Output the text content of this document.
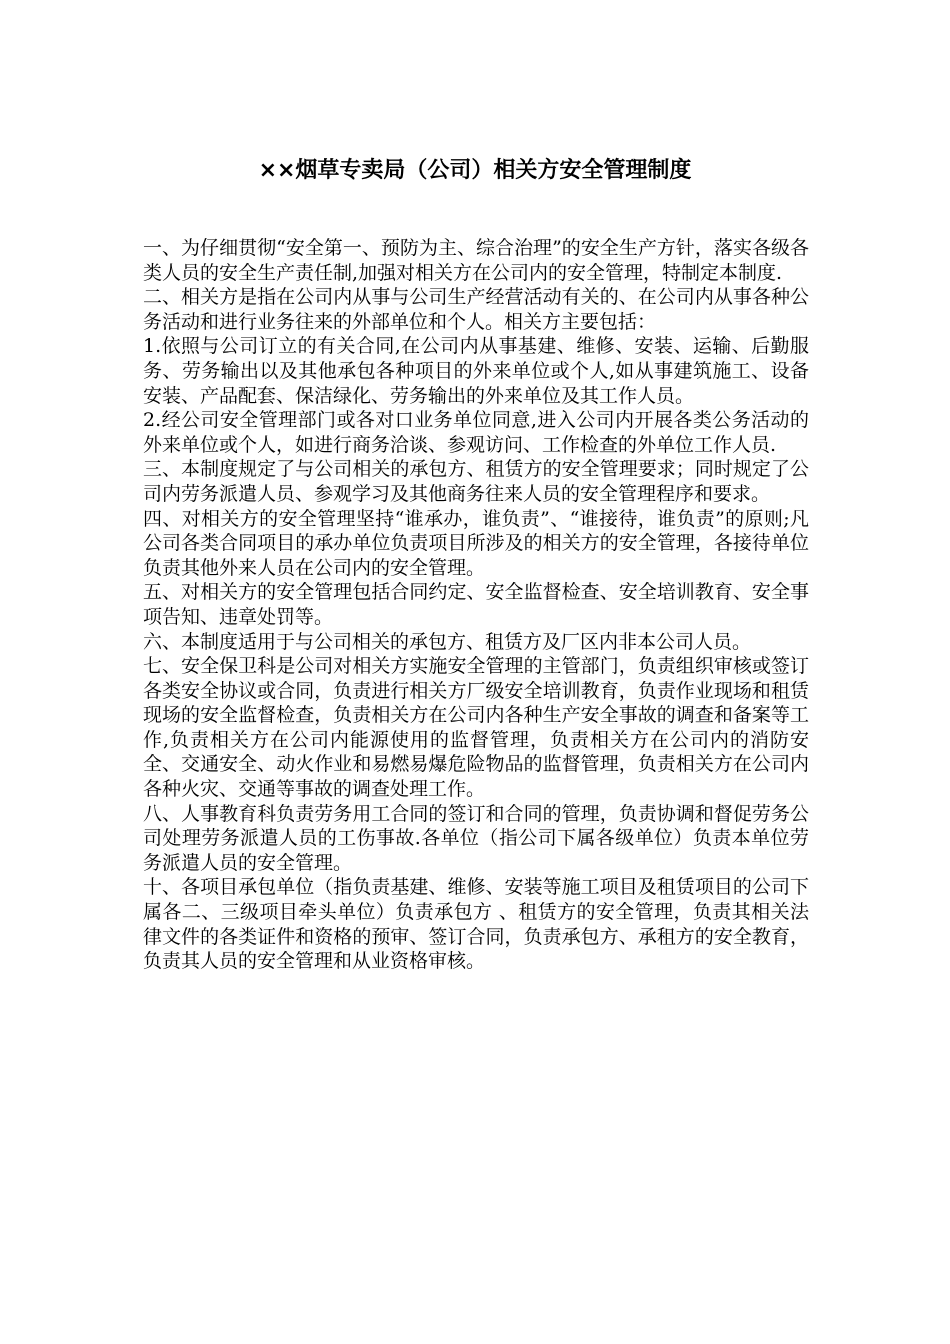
××烟草专卖局（公司）相关方安全管理制度

一、为仔细贯彻“安全第一、预防为主、综合治理”的安全生产方针，落实各级各类人员的安全生产责任制,加强对相关方在公司内的安全管理，特制定本制度.

二、相关方是指在公司内从事与公司生产经营活动有关的、在公司内从事各种公务活动和进行业务往来的外部单位和个人。相关方主要包括：

1.依照与公司订立的有关合同,在公司内从事基建、维修、安装、运输、后勤服务、劳务输出以及其他承包各种项目的外来单位或个人,如从事建筑施工、设备安装、产品配套、保洁绿化、劳务输出的外来单位及其工作人员。

2.经公司安全管理部门或各对口业务单位同意,进入公司内开展各类公务活动的外来单位或个人，如进行商务洽谈、参观访问、工作检查的外单位工作人员.

三、本制度规定了与公司相关的承包方、租赁方的安全管理要求；同时规定了公司内劳务派遣人员、参观学习及其他商务往来人员的安全管理程序和要求。

四、对相关方的安全管理坚持“谁承办，谁负责”、“谁接待，谁负责”的原则;凡公司各类合同项目的承办单位负责项目所涉及的相关方的安全管理，各接待单位负责其他外来人员在公司内的安全管理。

五、对相关方的安全管理包括合同约定、安全监督检查、安全培训教育、安全事项告知、违章处罚等。

六、本制度适用于与公司相关的承包方、租赁方及厂区内非本公司人员。

七、安全保卫科是公司对相关方实施安全管理的主管部门，负责组织审核或签订各类安全协议或合同，负责进行相关方厂级安全培训教育，负责作业现场和租赁现场的安全监督检查，负责相关方在公司内各种生产安全事故的调查和备案等工作,负责相关方在公司内能源使用的监督管理，负责相关方在公司内的消防安全、交通安全、动火作业和易燃易爆危险物品的监督管理，负责相关方在公司内各种火灾、交通等事故的调查处理工作。

八、人事教育科负责劳务用工合同的签订和合同的管理，负责协调和督促劳务公司处理劳务派遣人员的工伤事故.各单位（指公司下属各级单位）负责本单位劳务派遣人员的安全管理。

十、各项目承包单位（指负责基建、维修、安装等施工项目及租赁项目的公司下属各二、三级项目牵头单位）负责承包方 、租赁方的安全管理，负责其相关法律文件的各类证件和资格的预审、签订合同，负责承包方、承租方的安全教育，负责其人员的安全管理和从业资格审核。
